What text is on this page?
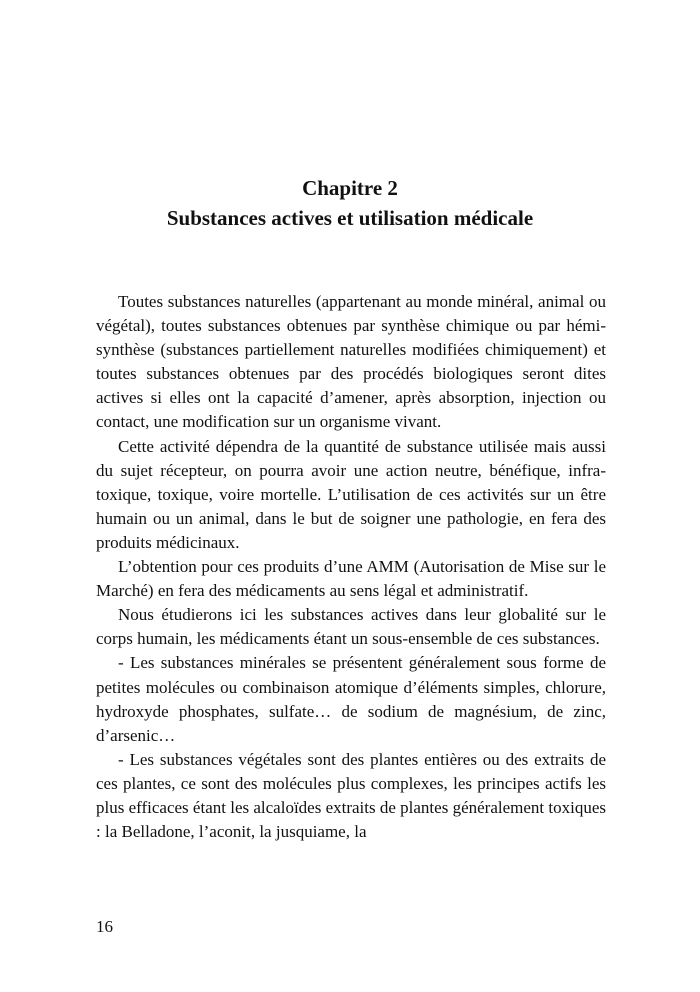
Chapitre 2
Substances actives et utilisation médicale

Toutes substances naturelles (appartenant au monde minéral, animal ou végétal), toutes substances obtenues par synthèse chimique ou par hémi-synthèse (substances partiellement naturelles modifiées chimiquement) et toutes substances obtenues par des procédés biologiques seront dites actives si elles ont la capacité d’amener, après absorption, injection ou contact, une modification sur un organisme vivant.

Cette activité dépendra de la quantité de substance utilisée mais aussi du sujet récepteur, on pourra avoir une action neutre, bénéfique, infra-toxique, toxique, voire mortelle. L’utilisation de ces activités sur un être humain ou un animal, dans le but de soigner une pathologie, en fera des produits médicinaux.

L’obtention pour ces produits d’une AMM (Autorisation de Mise sur le Marché) en fera des médicaments au sens légal et administratif.

Nous étudierons ici les substances actives dans leur globalité sur le corps humain, les médicaments étant un sous-ensemble de ces substances.

- Les substances minérales se présentent généralement sous forme de petites molécules ou combinaison atomique d’éléments simples, chlorure, hydroxyde phosphates, sulfate… de sodium de magnésium, de zinc, d’arsenic…

- Les substances végétales sont des plantes entières ou des extraits de ces plantes, ce sont des molécules plus complexes, les principes actifs les plus efficaces étant les alcaloïdes extraits de plantes généralement toxiques : la Belladone, l’aconit, la jusquiame, la

16
